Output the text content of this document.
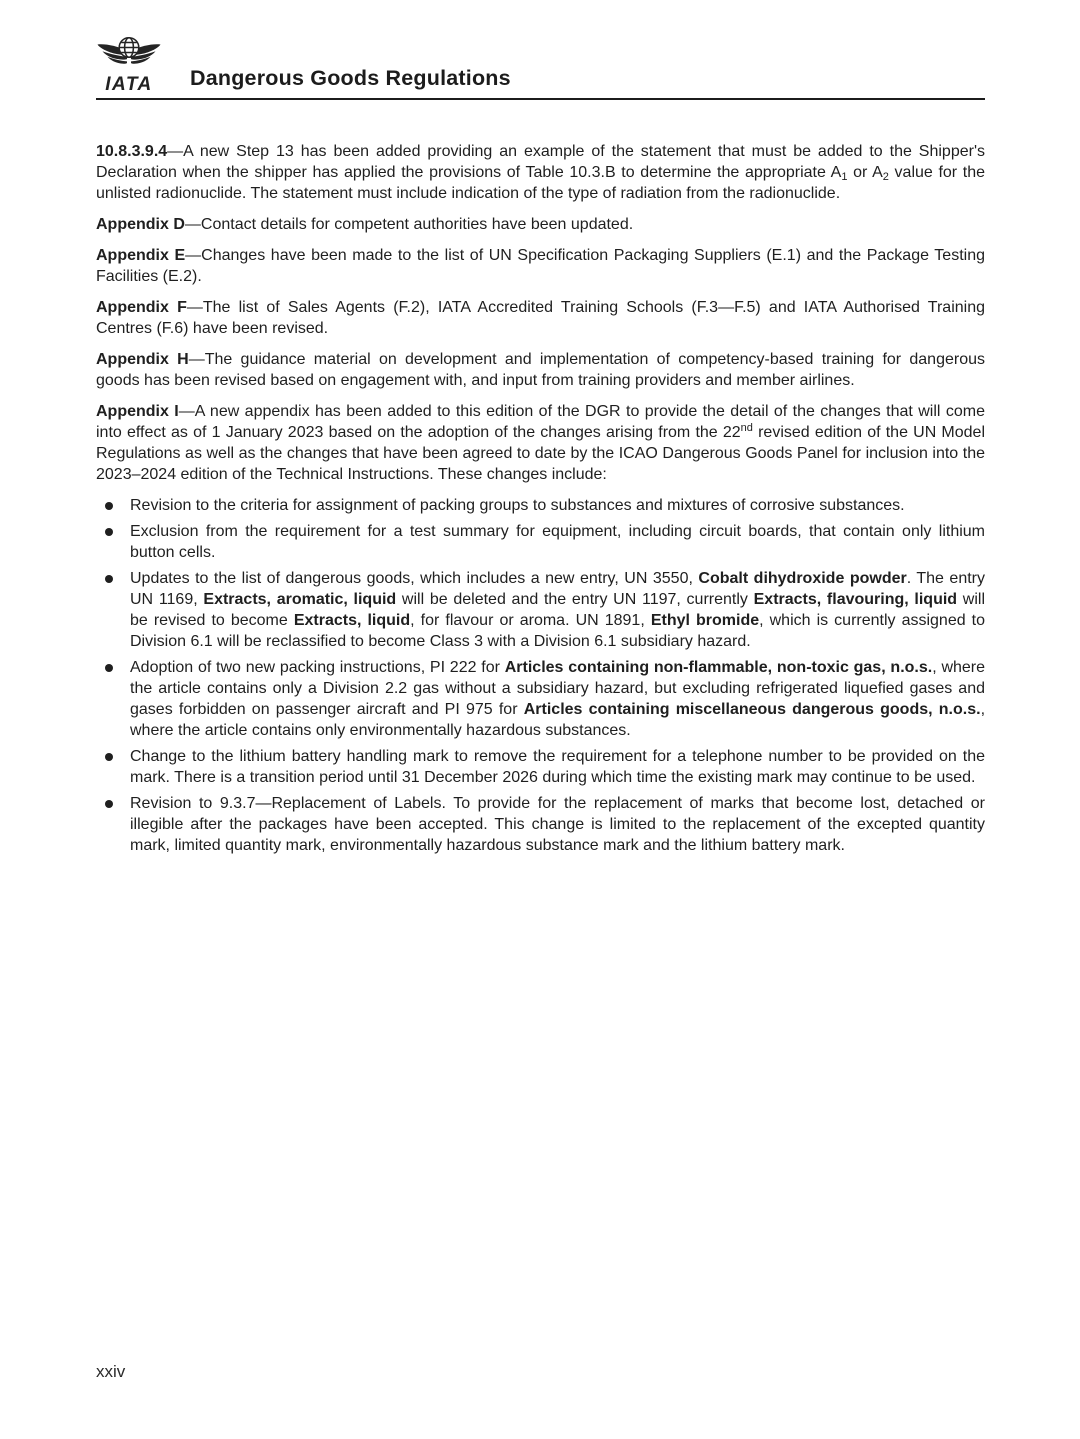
IATA	Dangerous Goods Regulations

10.8.3.9.4—A new Step 13 has been added providing an example of the statement that must be added to the Shipper's Declaration when the shipper has applied the provisions of Table 10.3.B to determine the appropriate $A_1$ or $A_2$ value for the unlisted radionuclide. The statement must include indication of the type of radiation from the radionuclide.

Appendix D—Contact details for competent authorities have been updated.

Appendix E—Changes have been made to the list of UN Specification Packaging Suppliers (E.1) and the Package Testing Facilities (E.2).

Appendix F—The list of Sales Agents (F.2), IATA Accredited Training Schools (F.3—F.5) and IATA Authorised Training Centres (F.6) have been revised.

Appendix H—The guidance material on development and implementation of competency-based training for dangerous goods has been revised based on engagement with, and input from training providers and member airlines.

Appendix I—A new appendix has been added to this edition of the DGR to provide the detail of the changes that will come into effect as of 1 January 2023 based on the adoption of the changes arising from the 22nd revised edition of the UN Model Regulations as well as the changes that have been agreed to date by the ICAO Dangerous Goods Panel for inclusion into the 2023–2024 edition of the Technical Instructions. These changes include:

Revision to the criteria for assignment of packing groups to substances and mixtures of corrosive substances.
Exclusion from the requirement for a test summary for equipment, including circuit boards, that contain only lithium button cells.
Updates to the list of dangerous goods, which includes a new entry, UN 3550, Cobalt dihydroxide powder. The entry UN 1169, Extracts, aromatic, liquid will be deleted and the entry UN 1197, currently Extracts, flavouring, liquid will be revised to become Extracts, liquid, for flavour or aroma. UN 1891, Ethyl bromide, which is currently assigned to Division 6.1 will be reclassified to become Class 3 with a Division 6.1 subsidiary hazard.
Adoption of two new packing instructions, PI 222 for Articles containing non-flammable, non-toxic gas, n.o.s., where the article contains only a Division 2.2 gas without a subsidiary hazard, but excluding refrigerated liquefied gases and gases forbidden on passenger aircraft and PI 975 for Articles containing miscellaneous dangerous goods, n.o.s., where the article contains only environmentally hazardous substances.
Change to the lithium battery handling mark to remove the requirement for a telephone number to be provided on the mark. There is a transition period until 31 December 2026 during which time the existing mark may continue to be used.
Revision to 9.3.7—Replacement of Labels. To provide for the replacement of marks that become lost, detached or illegible after the packages have been accepted. This change is limited to the replacement of the excepted quantity mark, limited quantity mark, environmentally hazardous substance mark and the lithium battery mark.
xxiv
